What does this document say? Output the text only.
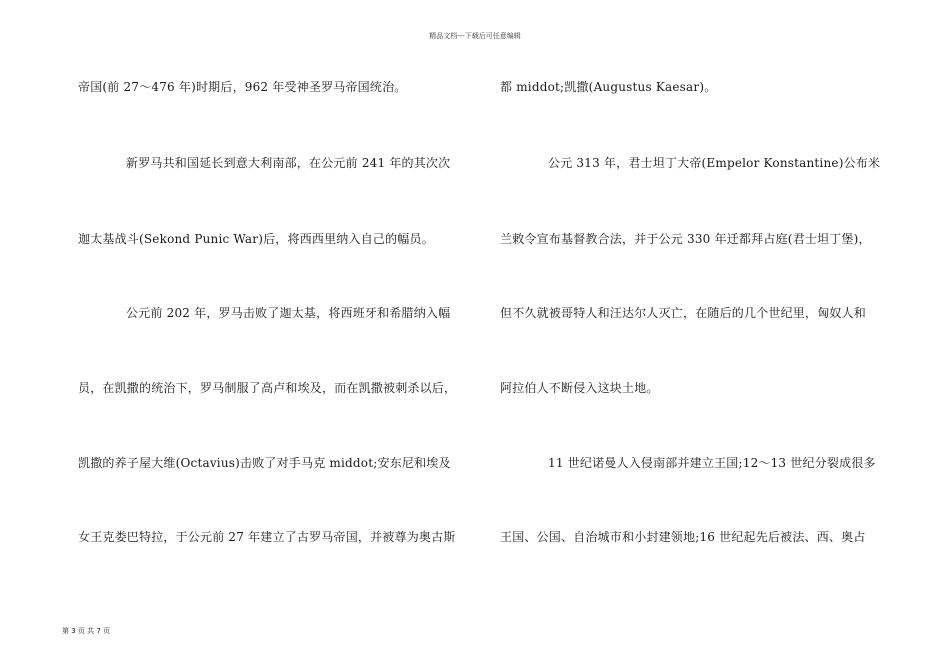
精品文档---下载后可任意编辑
帝国(前 27～476 年)时期后，962 年受神圣罗马帝国统治。
新罗马共和国延长到意大利南部，在公元前 241 年的其次次
迦太基战斗(Sekond Punic War)后，将西西里纳入自己的幅员。
公元前 202 年，罗马击败了迦太基，将西班牙和希腊纳入幅
员，在凯撒的统治下，罗马制服了高卢和埃及，而在凯撒被刺杀以后，
凯撒的养子屋大维(Octavius)击败了对手马克 middot;安东尼和埃及
女王克娄巴特拉，于公元前 27 年建立了古罗马帝国，并被尊为奥古斯
都 middot;凯撒(Augustus Kaesar)。
公元 313 年，君士坦丁大帝(Empelor Konstantine)公布米
兰敕令宣布基督教合法，并于公元 330 年迁都拜占庭(君士坦丁堡)，
但不久就被哥特人和汪达尔人灭亡，在随后的几个世纪里，匈奴人和
阿拉伯人不断侵入这块土地。
11 世纪诺曼人入侵南部并建立王国;12～13 世纪分裂成很多
王国、公国、自治城市和小封建领地;16 世纪起先后被法、西、奥占
第 3 页 共 7 页
